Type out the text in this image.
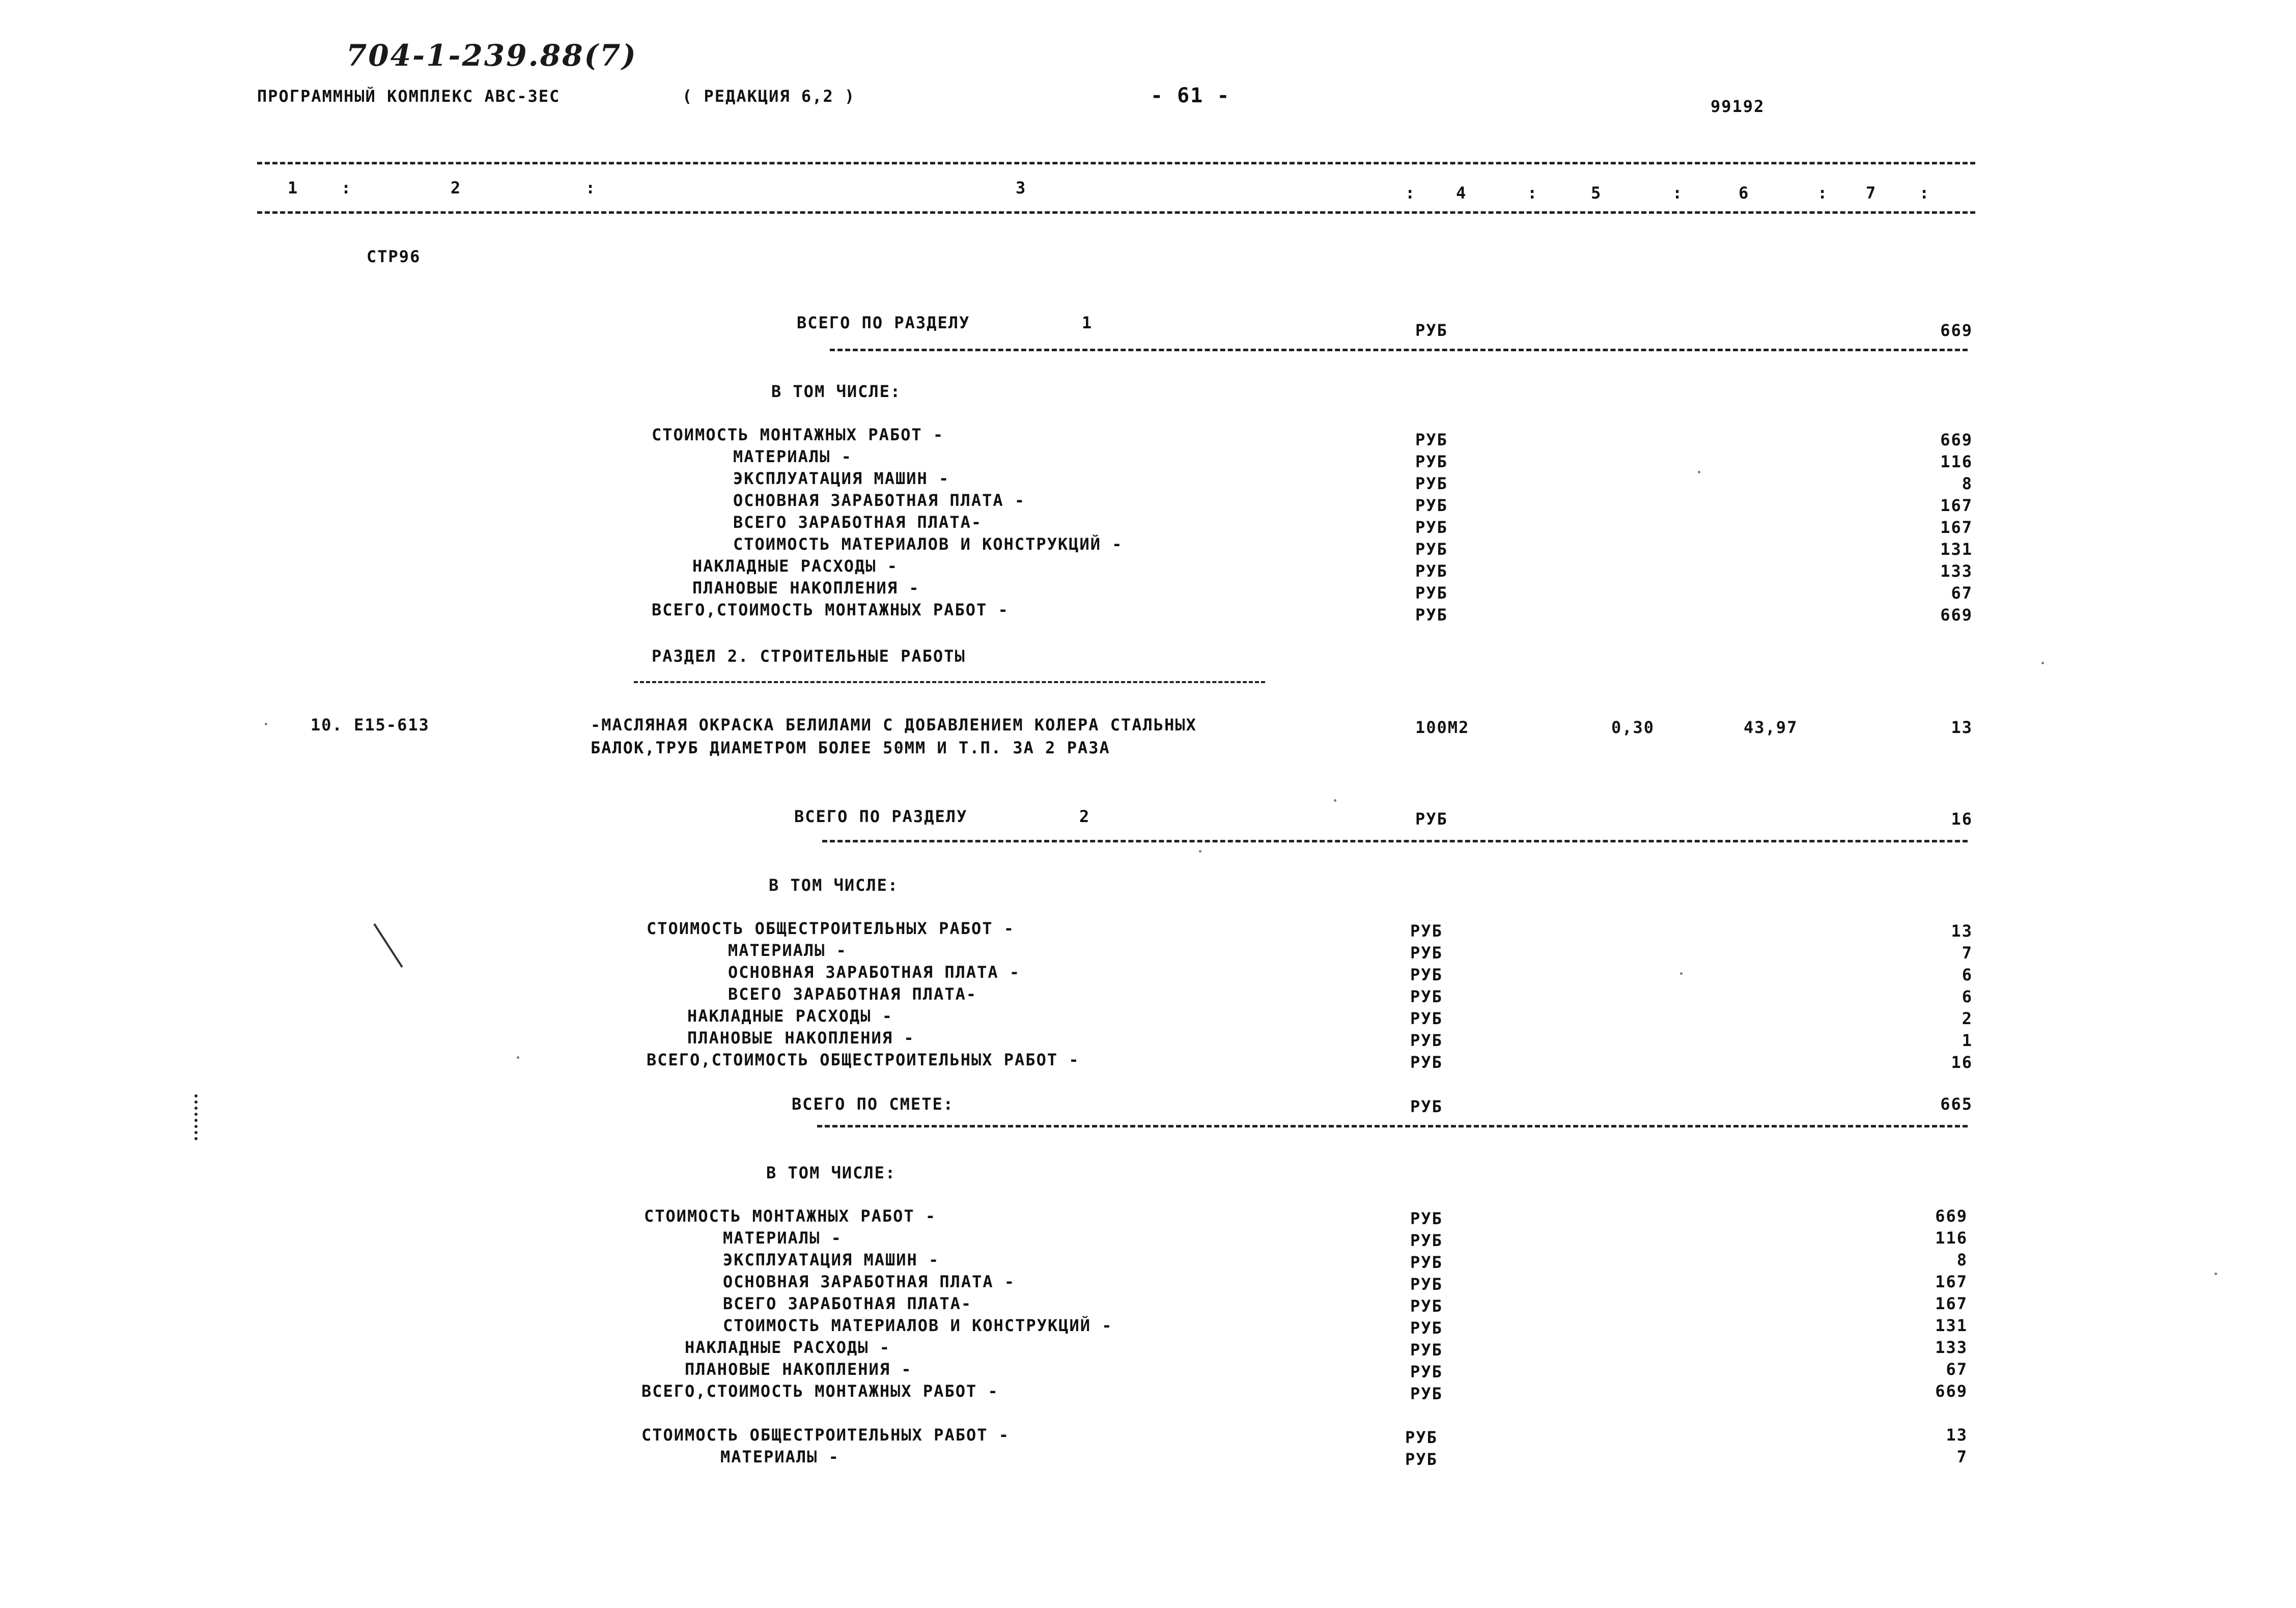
704-1-239.88(7)
ПРОГРАММНЫЙ КОМПЛЕКС АВС-ЗЕС	( РЕДАКЦИЯ 6,2 )	- 61 -	99192
1	:	2	:	3	: 4	:	5	:	6	: 7	:
СТР96
ВСЕГО ПО РАЗДЕЛУ	1	РУБ	669
В ТОМ ЧИСЛЕ:
СТОИМОСТЬ МОНТАЖНЫХ РАБОТ -	РУБ	669
МАТЕРИАЛЫ -	РУБ	116
ЭКСПЛУАТАЦИЯ МАШИН -	РУБ	8
ОСНОВНАЯ ЗАРАБОТНАЯ ПЛАТА -	РУБ	167
ВСЕГО ЗАРАБОТНАЯ ПЛАТА-	РУБ	167
СТОИМОСТЬ МАТЕРИАЛОВ И КОНСТРУКЦИЙ -	РУБ	131
НАКЛАДНЫЕ РАСХОДЫ -	РУБ	133
ПЛАНОВЫЕ НАКОПЛЕНИЯ -	РУБ	67
ВСЕГО,СТОИМОСТЬ МОНТАЖНЫХ РАБОТ -	РУБ	669
РАЗДЕЛ 2. СТРОИТЕЛЬНЫЕ РАБОТЫ
10. Е15-613	-МАСЛЯНАЯ ОКРАСКА БЕЛИЛАМИ С ДОБАВЛЕНИЕМ КОЛЕРА СТАЛЬНЫХ
БАЛОК,ТРУБ ДИАМЕТРОМ БОЛЕЕ 50ММ И Т.П. ЗА 2 РАЗА
100М2	0,30	43,97	13
ВСЕГО ПО РАЗДЕЛУ	2	РУБ	16
В ТОМ ЧИСЛЕ:
СТОИМОСТЬ ОБЩЕСТРОИТЕЛЬНЫХ РАБОТ -	РУБ	13
МАТЕРИАЛЫ -	РУБ	7
ОСНОВНАЯ ЗАРАБОТНАЯ ПЛАТА -	РУБ	6
ВСЕГО ЗАРАБОТНАЯ ПЛАТА-	РУБ	6
НАКЛАДНЫЕ РАСХОДЫ -	РУБ	2
ПЛАНОВЫЕ НАКОПЛЕНИЯ -	РУБ	1
ВСЕГО,СТОИМОСТЬ ОБЩЕСТРОИТЕЛЬНЫХ РАБОТ -	РУБ	16
ВСЕГО ПО СМЕТЕ:	РУБ	665
В ТОМ ЧИСЛЕ:
СТОИМОСТЬ МОНТАЖНЫХ РАБОТ -	РУБ	669
МАТЕРИАЛЫ -	РУБ	116
ЭКСПЛУАТАЦИЯ МАШИН -	РУБ	8
ОСНОВНАЯ ЗАРАБОТНАЯ ПЛАТА -	РУБ	167
ВСЕГО ЗАРАБОТНАЯ ПЛАТА-	РУБ	167
СТОИМОСТЬ МАТЕРИАЛОВ И КОНСТРУКЦИЙ -	РУБ	131
НАКЛАДНЫЕ РАСХОДЫ -	РУБ	133
ПЛАНОВЫЕ НАКОПЛЕНИЯ -	РУБ	67
ВСЕГО,СТОИМОСТЬ МОНТАЖНЫХ РАБОТ -	РУБ	669
СТОИМОСТЬ ОБЩЕСТРОИТЕЛЬНЫХ РАБОТ -	РУБ	13
МАТЕРИАЛЫ -	РУБ	7
